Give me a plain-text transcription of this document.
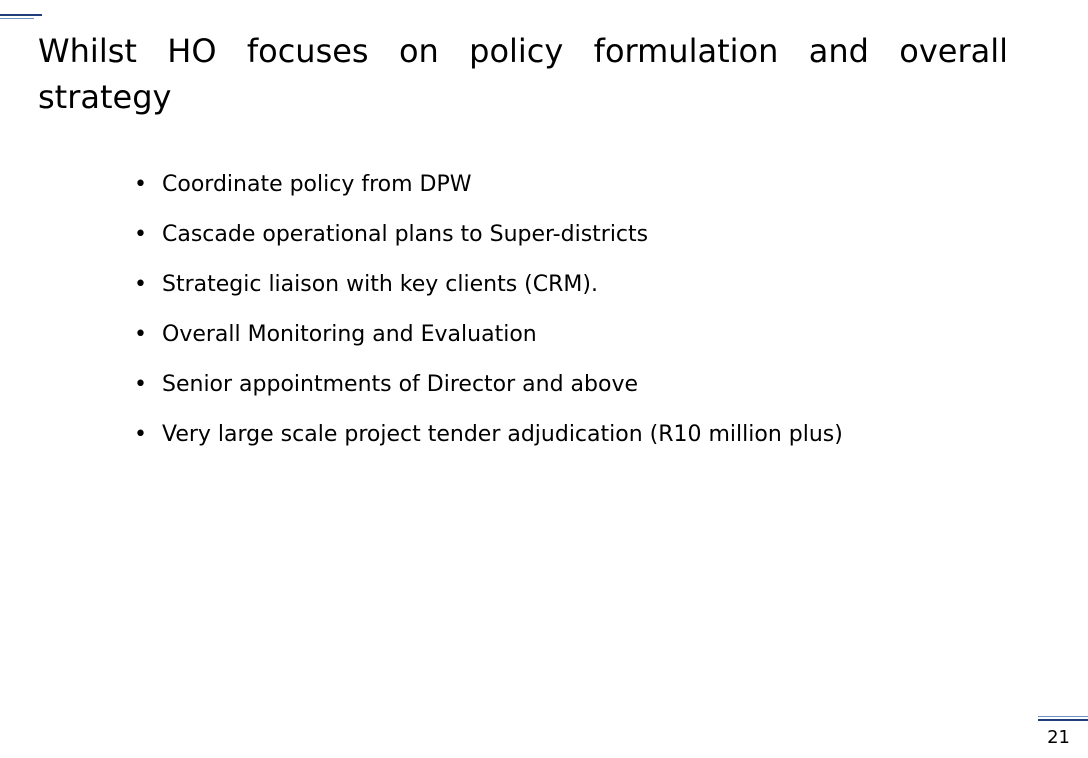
Whilst HO focuses on policy formulation and overall strategy
• Coordinate policy from DPW
• Cascade operational plans to Super-districts
• Strategic liaison with key clients (CRM).
• Overall Monitoring and Evaluation
• Senior appointments of Director and above
• Very large scale project tender adjudication (R10 million plus)
21
